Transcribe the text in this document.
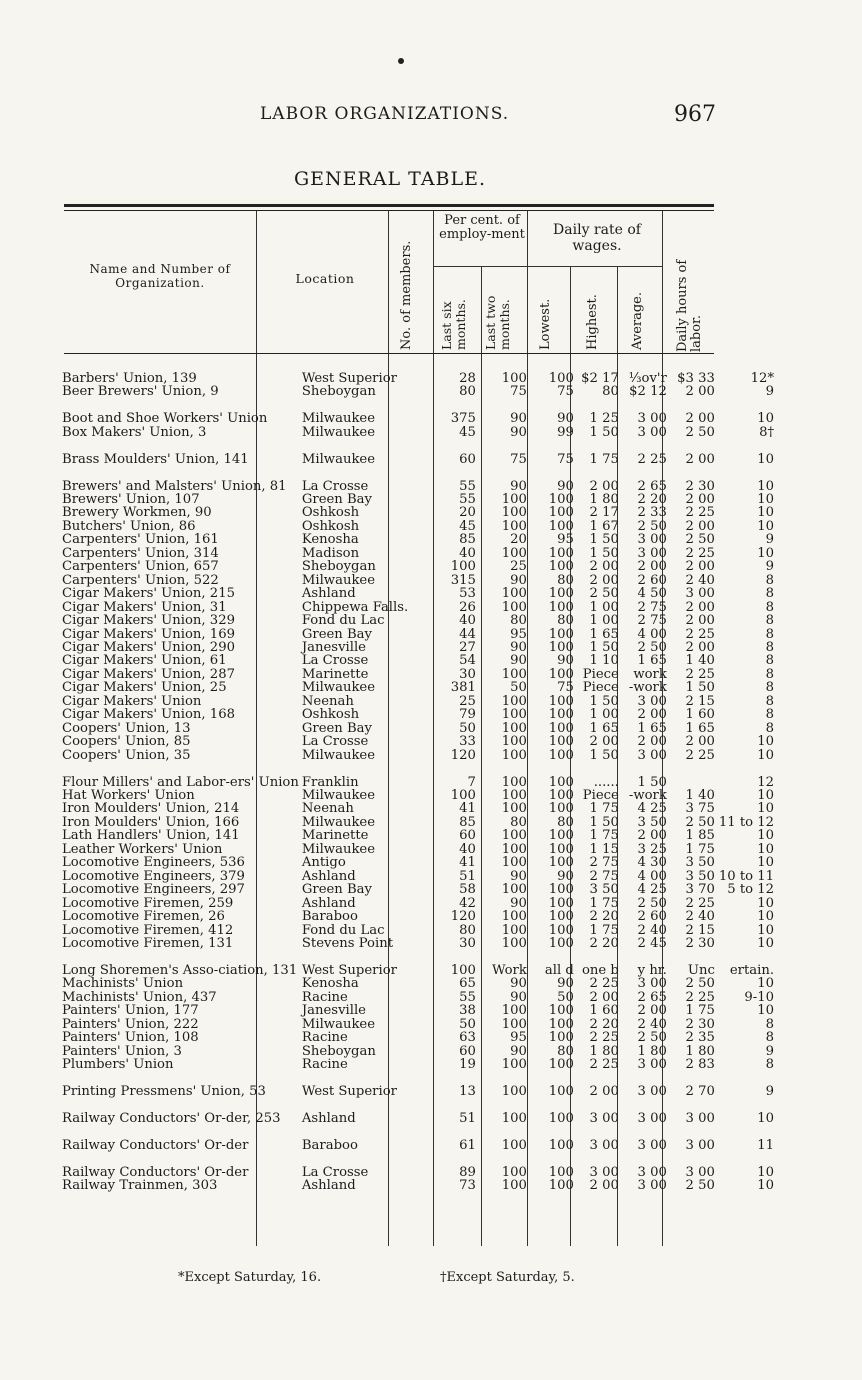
LABOR ORGANIZATIONS.	967
GENERAL TABLE.
Name and Number of Organization.	Location	No. of members.
Per cent. of employ-ment
Last six months. Last two months.
Daily rate of wages.
Lowest. Highest. Average. Daily hours of labor.
Barbers' Union, 139	West Superior	28	100	100	$2 17	⅓ov'r	$3 33	12*
Beer Brewers' Union, 9	Sheboygan	80	75	75	80	$2 12	2 00	9
Boot and Shoe Workers' Union	Milwaukee	375	90	90	1 25	3 00	2 00	10
Box Makers' Union, 3	Milwaukee	45	90	99	1 50	3 00	2 50	8†
Brass Moulders' Union, 141	Milwaukee	60	75	75	1 75	2 25	2 00	10
Brewers' and Malsters' Union, 81	La Crosse	55	90	90	2 00	2 65	2 30	10
Brewers' Union, 107	Green Bay	55	100	100	1 80	2 20	2 00	10
Brewery Workmen, 90	Oshkosh	20	100	100	2 17	2 33	2 25	10
Butchers' Union, 86	Oshkosh	45	100	100	1 67	2 50	2 00	10
Carpenters' Union, 161	Kenosha	85	20	95	1 50	3 00	2 50	9
Carpenters' Union, 314	Madison	40	100	100	1 50	3 00	2 25	10
Carpenters' Union, 657	Sheboygan	100	25	100	2 00	2 00	2 00	9
Carpenters' Union, 522	Milwaukee	315	90	80	2 00	2 60	2 40	8
Cigar Makers' Union, 215	Ashland	53	100	100	2 50	4 50	3 00	8
Cigar Makers' Union, 31	Chippewa Falls.	26	100	100	1 00	2 75	2 00	8
Cigar Makers' Union, 329	Fond du Lac	40	80	80	1 00	2 75	2 00	8
Cigar Makers' Union, 169	Green Bay	44	95	100	1 65	4 00	2 25	8
Cigar Makers' Union, 290	Janesville	27	90	100	1 50	2 50	2 00	8
Cigar Makers' Union, 61	La Crosse	54	90	90	1 10	1 65	1 40	8
Cigar Makers' Union, 287	Marinette	30	100	100	Piece	work	2 25	8
Cigar Makers' Union, 25	Milwaukee	381	50	75	Piece	-work	1 50	8
Cigar Makers' Union	Neenah	25	100	100	1 50	3 00	2 15	8
Cigar Makers' Union, 168	Oshkosh	79	100	100	1 00	2 00	1 60	8
Coopers' Union, 13	Green Bay	50	100	100	1 65	1 65	1 65	8
Coopers' Union, 85	La Crosse	33	100	100	2 00	2 00	2 00	10
Coopers' Union, 35	Milwaukee	120	100	100	1 50	3 00	2 25	10
Flour Millers' and Labor-ers' Union	Franklin	7	100	100	......	1 50		12
Hat Workers' Union	Milwaukee	100	100	100	Piece	-work	1 40	10
Iron Moulders' Union, 214	Neenah	41	100	100	1 75	4 25	3 75	10
Iron Moulders' Union, 166	Milwaukee	85	80	80	1 50	3 50	2 50	11 to 12
Lath Handlers' Union, 141	Marinette	60	100	100	1 75	2 00	1 85	10
Leather Workers' Union	Milwaukee	40	100	100	1 15	3 25	1 75	10
Locomotive Engineers, 536	Antigo	41	100	100	2 75	4 30	3 50	10
Locomotive Engineers, 379	Ashland	51	90	90	2 75	4 00	3 50	10 to 11
Locomotive Engineers, 297	Green Bay	58	100	100	3 50	4 25	3 70	5 to 12
Locomotive Firemen, 259	Ashland	42	90	100	1 75	2 50	2 25	10
Locomotive Firemen, 26	Baraboo	120	100	100	2 20	2 60	2 40	10
Locomotive Firemen, 412	Fond du Lac	80	100	100	1 75	2 40	2 15	10
Locomotive Firemen, 131	Stevens Point	30	100	100	2 20	2 45	2 30	10
Long Shoremen's Asso-ciation, 131	West Superior	100	Work	all d	one b	y hr.	Unc	ertain.
Machinists' Union	Kenosha	65	90	90	2 25	3 00	2 50	10
Machinists' Union, 437	Racine	55	90	50	2 00	2 65	2 25	9-10
Painters' Union, 177	Janesville	38	100	100	1 60	2 00	1 75	10
Painters' Union, 222	Milwaukee	50	100	100	2 20	2 40	2 30	8
Painters' Union, 108	Racine	63	95	100	2 25	2 50	2 35	8
Painters' Union, 3	Sheboygan	60	90	80	1 80	1 80	1 80	9
Plumbers' Union	Racine	19	100	100	2 25	3 00	2 83	8
Printing Pressmens' Union, 53	West Superior	13	100	100	2 00	3 00	2 70	9
Railway Conductors' Or-der, 253	Ashland	51	100	100	3 00	3 00	3 00	10
Railway Conductors' Or-der	Baraboo	61	100	100	3 00	3 00	3 00	11
Railway Conductors' Or-der	La Crosse	89	100	100	3 00	3 00	3 00	10
Railway Trainmen, 303	Ashland	73	100	100	2 00	3 00	2 50	10
*Except Saturday, 16.	†Except Saturday, 5.
